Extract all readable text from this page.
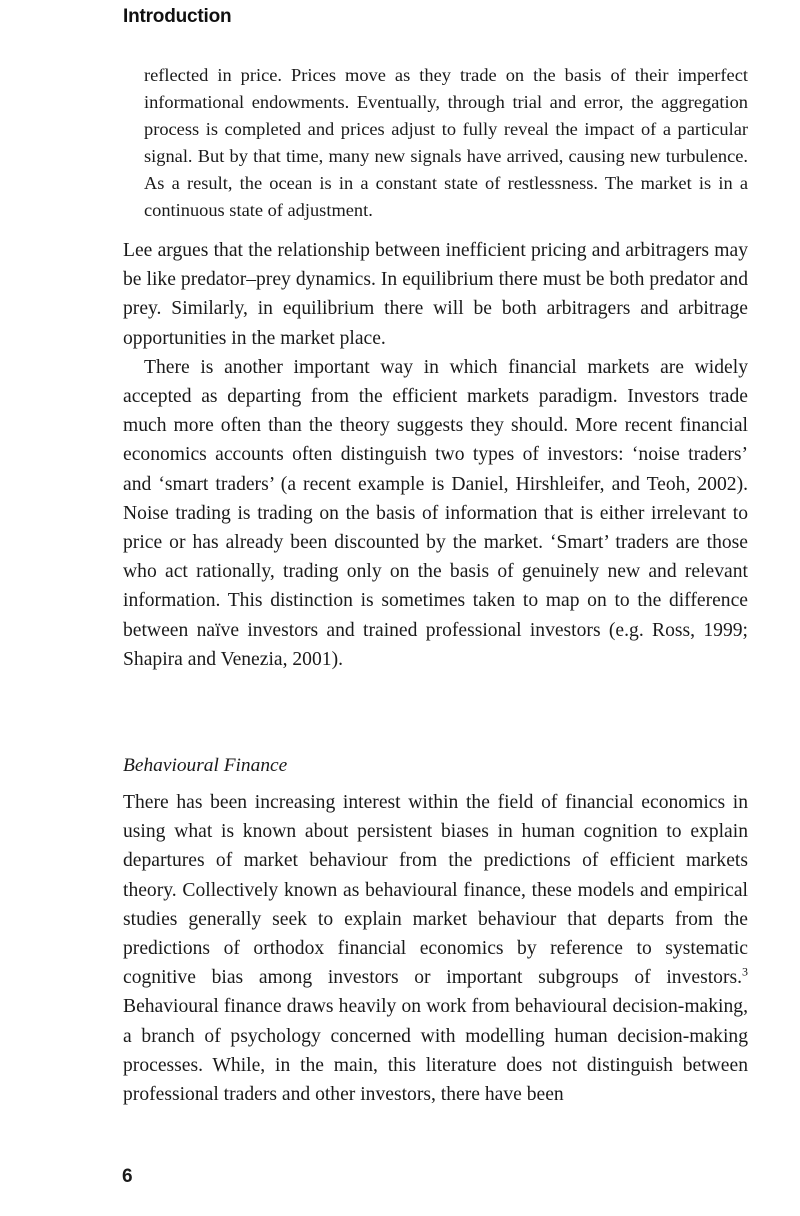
Introduction

reflected in price. Prices move as they trade on the basis of their imperfect informational endowments. Eventually, through trial and error, the aggregation process is completed and prices adjust to fully reveal the impact of a particular signal. But by that time, many new signals have arrived, causing new turbulence. As a result, the ocean is in a constant state of restlessness. The market is in a continuous state of adjustment.

Lee argues that the relationship between inefficient pricing and arbitragers may be like predator–prey dynamics. In equilibrium there must be both predator and prey. Similarly, in equilibrium there will be both arbitragers and arbitrage opportunities in the market place.

There is another important way in which financial markets are widely accepted as departing from the efficient markets paradigm. Investors trade much more often than the theory suggests they should. More recent financial economics accounts often distinguish two types of investors: ‘noise traders’ and ‘smart traders’ (a recent example is Daniel, Hirshleifer, and Teoh, 2002). Noise trading is trading on the basis of information that is either irrelevant to price or has already been discounted by the market. ‘Smart’ traders are those who act rationally, trading only on the basis of genuinely new and relevant information. This distinction is sometimes taken to map on to the difference between naïve investors and trained professional investors (e.g. Ross, 1999; Shapira and Venezia, 2001).

Behavioural Finance

There has been increasing interest within the field of financial economics in using what is known about persistent biases in human cognition to explain departures of market behaviour from the predictions of efficient markets theory. Collectively known as behavioural finance, these models and empirical studies generally seek to explain market behaviour that departs from the predictions of orthodox financial economics by reference to systematic cognitive bias among investors or important subgroups of investors.$^3$ Behavioural finance draws heavily on work from behavioural decision-making, a branch of psychology concerned with modelling human decision-making processes. While, in the main, this literature does not distinguish between professional traders and other investors, there have been

6
